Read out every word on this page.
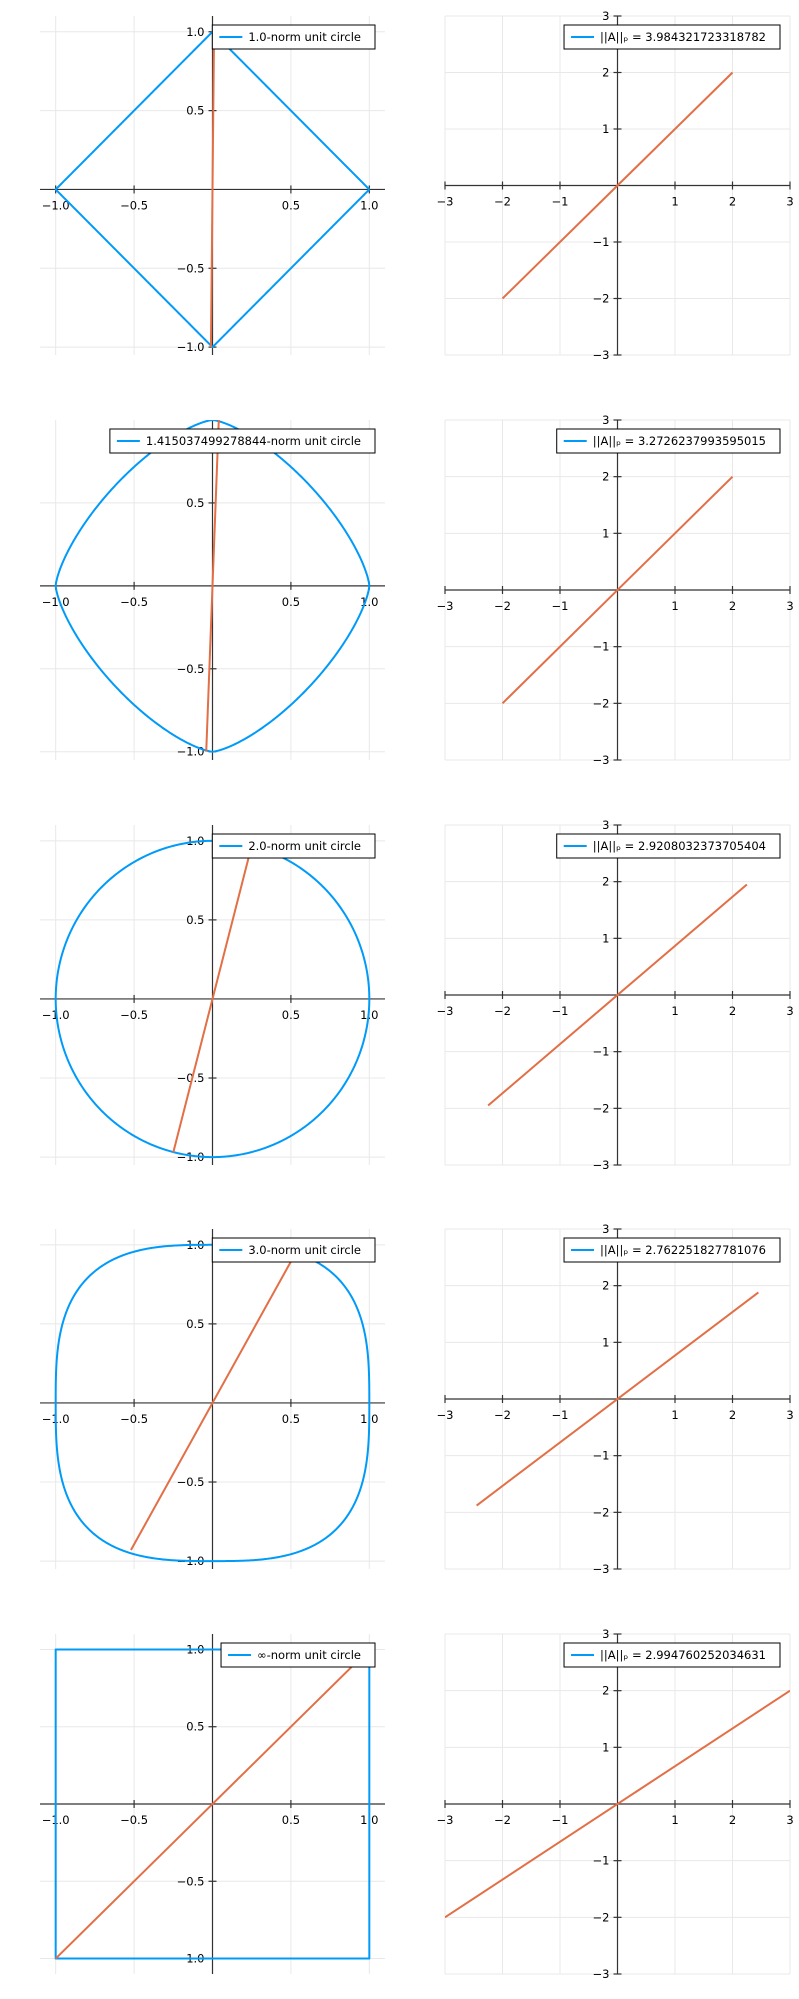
−1.0	−0.5	0.5	1.0
−1.0
−0.5
0.5
1.0	1.0-norm unit circle
−3	−2	−1	1	2	3
−3
−2
−1
1
2
3
||A||ₚ = 3.984321723318782
−1.0	−0.5	0.5	1.0
−1.0
−0.5
0.5
1.415037499278844-norm unit circle
−3	−2	−1	1	2	3
−3
−2
−1
1
2
3
||A||ₚ = 3.2726237993595015
−1.0	−0.5	0.5	1.0
−1.0
−0.5
0.5
1.0	2.0-norm unit circle
−3	−2	−1	1	2	3
−3
−2
−1
1
2
3
||A||ₚ = 2.9208032373705404
−1.0	−0.5	0.5	1.0
−1.0
−0.5
0.5
1.0	3.0-norm unit circle
−3	−2	−1	1	2	3
−3
−2
−1
1
2
3
||A||ₚ = 2.762251827781076
−1.0	−0.5	0.5	1.0
−1.0
−0.5
0.5
1.0	∞-norm unit circle
−3	−2	−1	1	2	3
−3
−2
−1
1
2
3
||A||ₚ = 2.994760252034631
